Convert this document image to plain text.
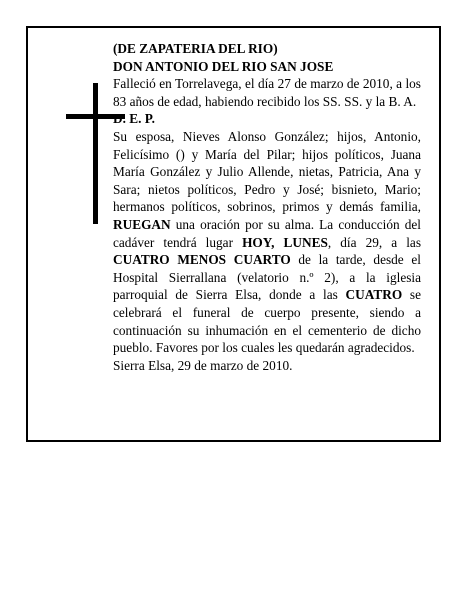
(DE ZAPATERIA DEL RIO)

DON ANTONIO DEL RIO SAN JOSE

Falleció en Torrelavega, el día 27 de marzo de 2010, a los 83 años de edad, habiendo recibido los SS. SS. y la B. A.

D. E. P.

Su esposa, Nieves Alonso González; hijos, Antonio, Felicísimo () y María del Pilar; hijos políticos, Juana María González y Julio Allende, nietas, Patricia, Ana y Sara; nietos políticos, Pedro y José; bisnieto, Mario; hermanos políticos, sobrinos, primos y demás familia, RUEGAN una oración por su alma. La conducción del cadáver tendrá lugar HOY, LUNES, día 29, a las CUATRO MENOS CUARTO de la tarde, desde el Hospital Sierrallana (velatorio n.º 2), a la iglesia parroquial de Sierra Elsa, donde a las CUATRO se celebrará el funeral de cuerpo presente, siendo a continuación su inhumación en el cementerio de dicho pueblo. Favores por los cuales les quedarán agradecidos.

Sierra Elsa, 29 de marzo de 2010.
